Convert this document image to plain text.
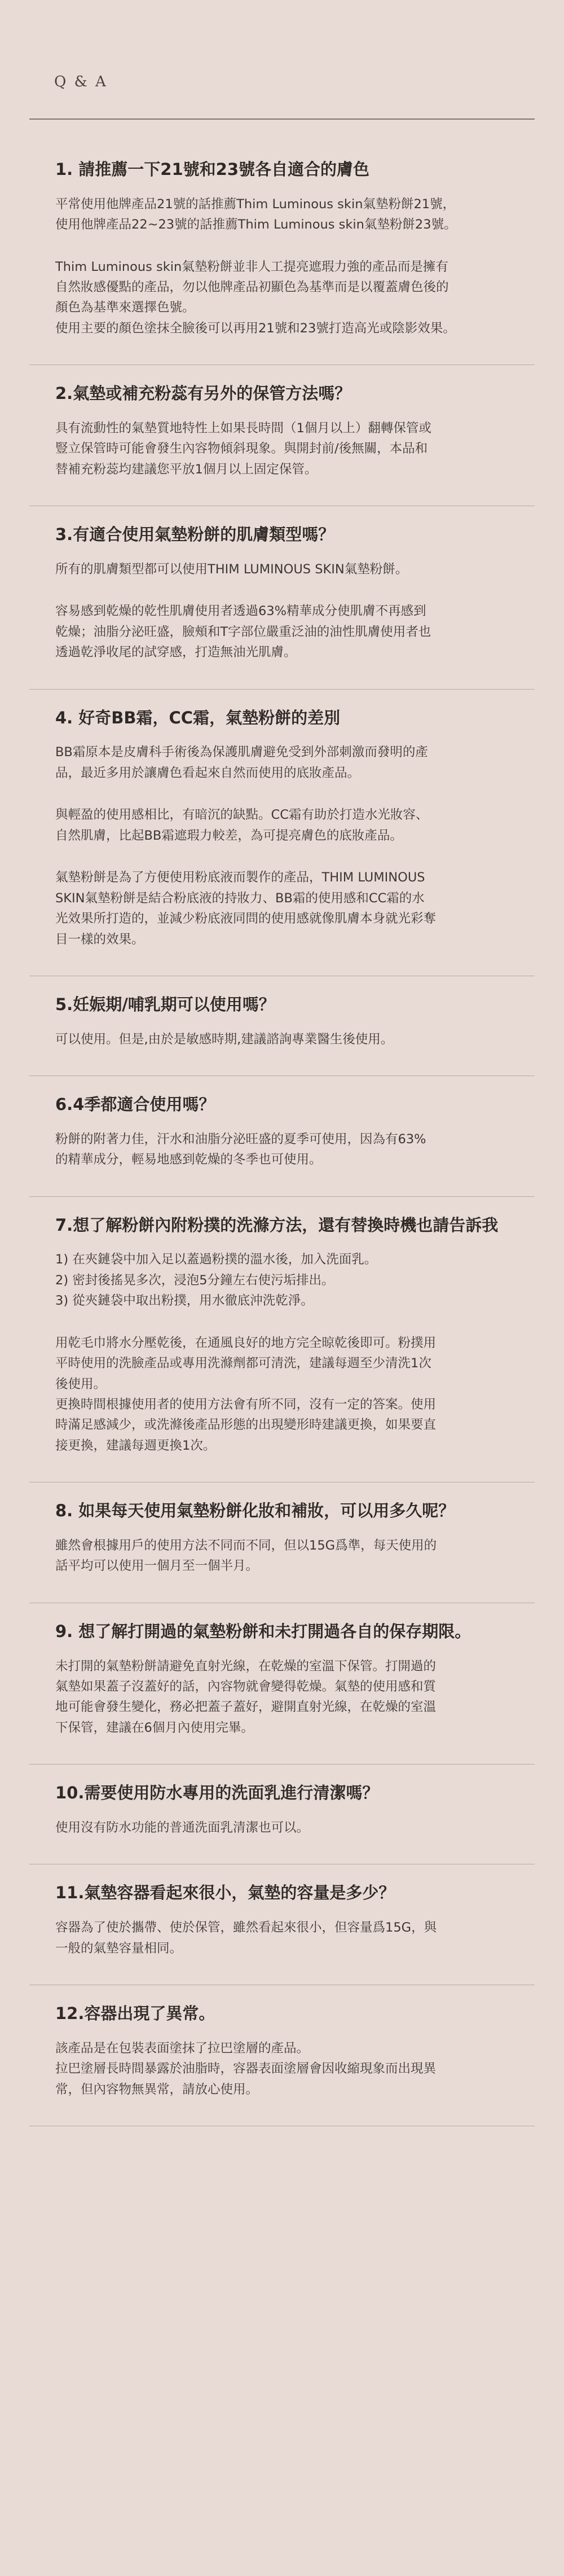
Q & A
1. 請推薦一下21號和23號各自適合的膚色

平常使用他牌產品21號的話推薦Thim Luminous skin氣墊粉餅21號，

使用他牌產品22~23號的話推薦Thim Luminous skin氣墊粉餅23號。

Thim Luminous skin氣墊粉餅並非人工提亮遮瑕力強的產品而是擁有

自然妝感優點的產品，勿以他牌產品初顯色為基準而是以覆蓋膚色後的

顏色為基準來選擇色號。

使用主要的顏色塗抹全臉後可以再用21號和23號打造高光或陰影效果。

2.氣墊或補充粉蕊有另外的保管方法嗎？

具有流動性的氣墊質地特性上如果長時間（1個月以上）翻轉保管或

豎立保管時可能會發生內容物傾斜現象。與開封前/後無關，本品和

替補充粉蕊均建議您平放1個月以上固定保管。

3.有適合使用氣墊粉餅的肌膚類型嗎？

所有的肌膚類型都可以使用THIM LUMINOUS SKIN氣墊粉餅。

容易感到乾燥的乾性肌膚使用者透過63%精華成分使肌膚不再感到

乾燥；油脂分泌旺盛，臉頰和T字部位嚴重泛油的油性肌膚使用者也

透過乾淨收尾的試穿感，打造無油光肌膚。

4. 好奇BB霜，CC霜，氣墊粉餅的差別

BB霜原本是皮膚科手術後為保護肌膚避免受到外部刺激而發明的產

品，最近多用於讓膚色看起來自然而使用的底妝產品。

與輕盈的使用感相比，有暗沉的缺點。CC霜有助於打造水光妝容、

自然肌膚，比起BB霜遮瑕力較差，為可提亮膚色的底妝產品。

氣墊粉餅是為了方便使用粉底液而製作的產品，THIM LUMINOUS

SKIN氣墊粉餅是結合粉底液的持妝力、BB霜的使用感和CC霜的水

光效果所打造的，並減少粉底液同問的使用感就像肌膚本身就光彩奪

目一樣的效果。

5.妊娠期/哺乳期可以使用嗎？

可以使用。但是,由於是敏感時期,建議諮詢專業醫生後使用。

6.4季都適合使用嗎？

粉餅的附著力佳，汗水和油脂分泌旺盛的夏季可使用，因為有63%

的精華成分，輕易地感到乾燥的冬季也可使用。

7.想了解粉餅內附粉撲的洗滌方法，還有替換時機也請告訴我

1) 在夾鏈袋中加入足以蓋過粉撲的溫水後，加入洗面乳。

2) 密封後搖晃多次，浸泡5分鐘左右使污垢排出。

3) 從夾鏈袋中取出粉撲，用水徹底沖洗乾淨。

用乾毛巾將水分壓乾後，在通風良好的地方完全晾乾後即可。粉撲用

平時使用的洗臉產品或專用洗滌劑都可清洗，建議每週至少清洗1次

後使用。

更換時間根據使用者的使用方法會有所不同，沒有一定的答案。使用

時滿足感減少，或洗滌後產品形態的出現變形時建議更換，如果要直

接更換，建議每週更換1次。

8. 如果每天使用氣墊粉餅化妝和補妝，可以用多久呢？

雖然會根據用戶的使用方法不同而不同，但以15G爲準，每天使用的

話平均可以使用一個月至一個半月。

9. 想了解打開過的氣墊粉餅和未打開過各自的保存期限。

未打開的氣墊粉餅請避免直射光線，在乾燥的室溫下保管。打開過的

氣墊如果蓋子沒蓋好的話，內容物就會變得乾燥。氣墊的使用感和質

地可能會發生變化，務必把蓋子蓋好，避開直射光線，在乾燥的室溫

下保管，建議在6個月內使用完畢。

10.需要使用防水專用的洗面乳進行清潔嗎？

使用沒有防水功能的普通洗面乳清潔也可以。

11.氣墊容器看起來很小，氣墊的容量是多少？

容器為了使於攜帶、使於保管，雖然看起來很小，但容量爲15G，與

一般的氣墊容量相同。

12.容器出現了異常。

該產品是在包裝表面塗抹了拉巴塗層的產品。

拉巴塗層長時間暴露於油脂時，容器表面塗層會因收縮現象而出現異

常，但內容物無異常，請放心使用。
